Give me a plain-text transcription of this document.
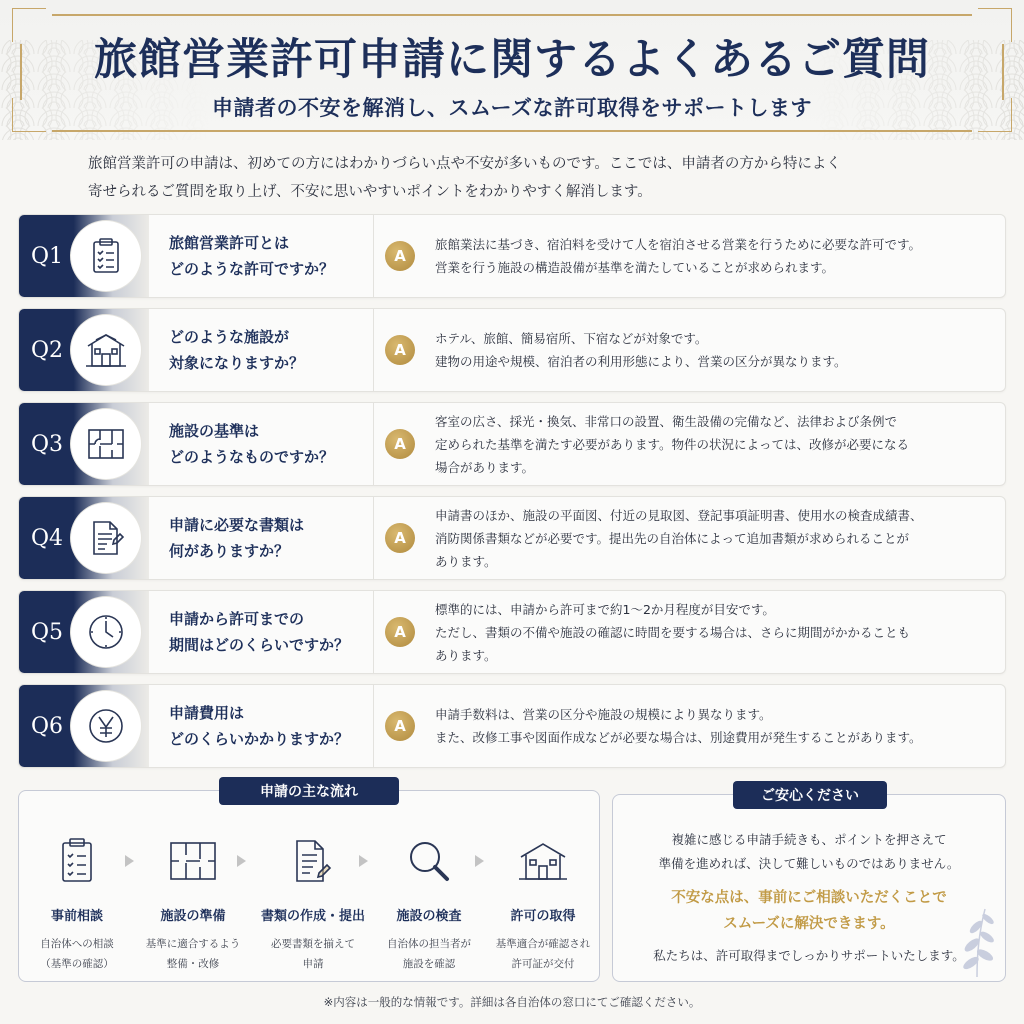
旅館営業許可申請に関するよくあるご質問
申請者の不安を解消し、スムーズな許可取得をサポートします
旅館営業許可の申請は、初めての方にはわかりづらい点や不安が多いものです。ここでは、申請者の方から特によく
寄せられるご質問を取り上げ、不安に思いやすいポイントをわかりやすく解消します。
Q1
旅館営業許可とは
どのような許可ですか？
A
旅館業法に基づき、宿泊料を受けて人を宿泊させる営業を行うために必要な許可です。
営業を行う施設の構造設備が基準を満たしていることが求められます。
Q2
どのような施設が
対象になりますか？
A
ホテル、旅館、簡易宿所、下宿などが対象です。
建物の用途や規模、宿泊者の利用形態により、営業の区分が異なります。
Q3
施設の基準は
どのようなものですか？
A
客室の広さ、採光・換気、非常口の設置、衛生設備の完備など、法律および条例で
定められた基準を満たす必要があります。物件の状況によっては、改修が必要になる
場合があります。
Q4
申請に必要な書類は
何がありますか？
A
申請書のほか、施設の平面図、付近の見取図、登記事項証明書、使用水の検査成績書、
消防関係書類などが必要です。提出先の自治体によって追加書類が求められることが
あります。
Q5
申請から許可までの
期間はどのくらいですか？
A
標準的には、申請から許可まで約1〜2か月程度が目安です。
ただし、書類の不備や施設の確認に時間を要する場合は、さらに期間がかかることも
あります。
Q6
申請費用は
どのくらいかかりますか？
A
申請手数料は、営業の区分や施設の規模により異なります。
また、改修工事や図面作成などが必要な場合は、別途費用が発生することがあります。
申請の主な流れ
事前相談
自治体への相談
（基準の確認）
施設の準備
基準に適合するよう
整備・改修
書類の作成・提出
必要書類を揃えて
申請
施設の検査
自治体の担当者が
施設を確認
許可の取得
基準適合が確認され
許可証が交付
ご安心ください
複雑に感じる申請手続きも、ポイントを押さえて
準備を進めれば、決して難しいものではありません。
不安な点は、事前にご相談いただくことで
スムーズに解決できます。
私たちは、許可取得までしっかりサポートいたします。
※内容は一般的な情報です。詳細は各自治体の窓口にてご確認ください。
